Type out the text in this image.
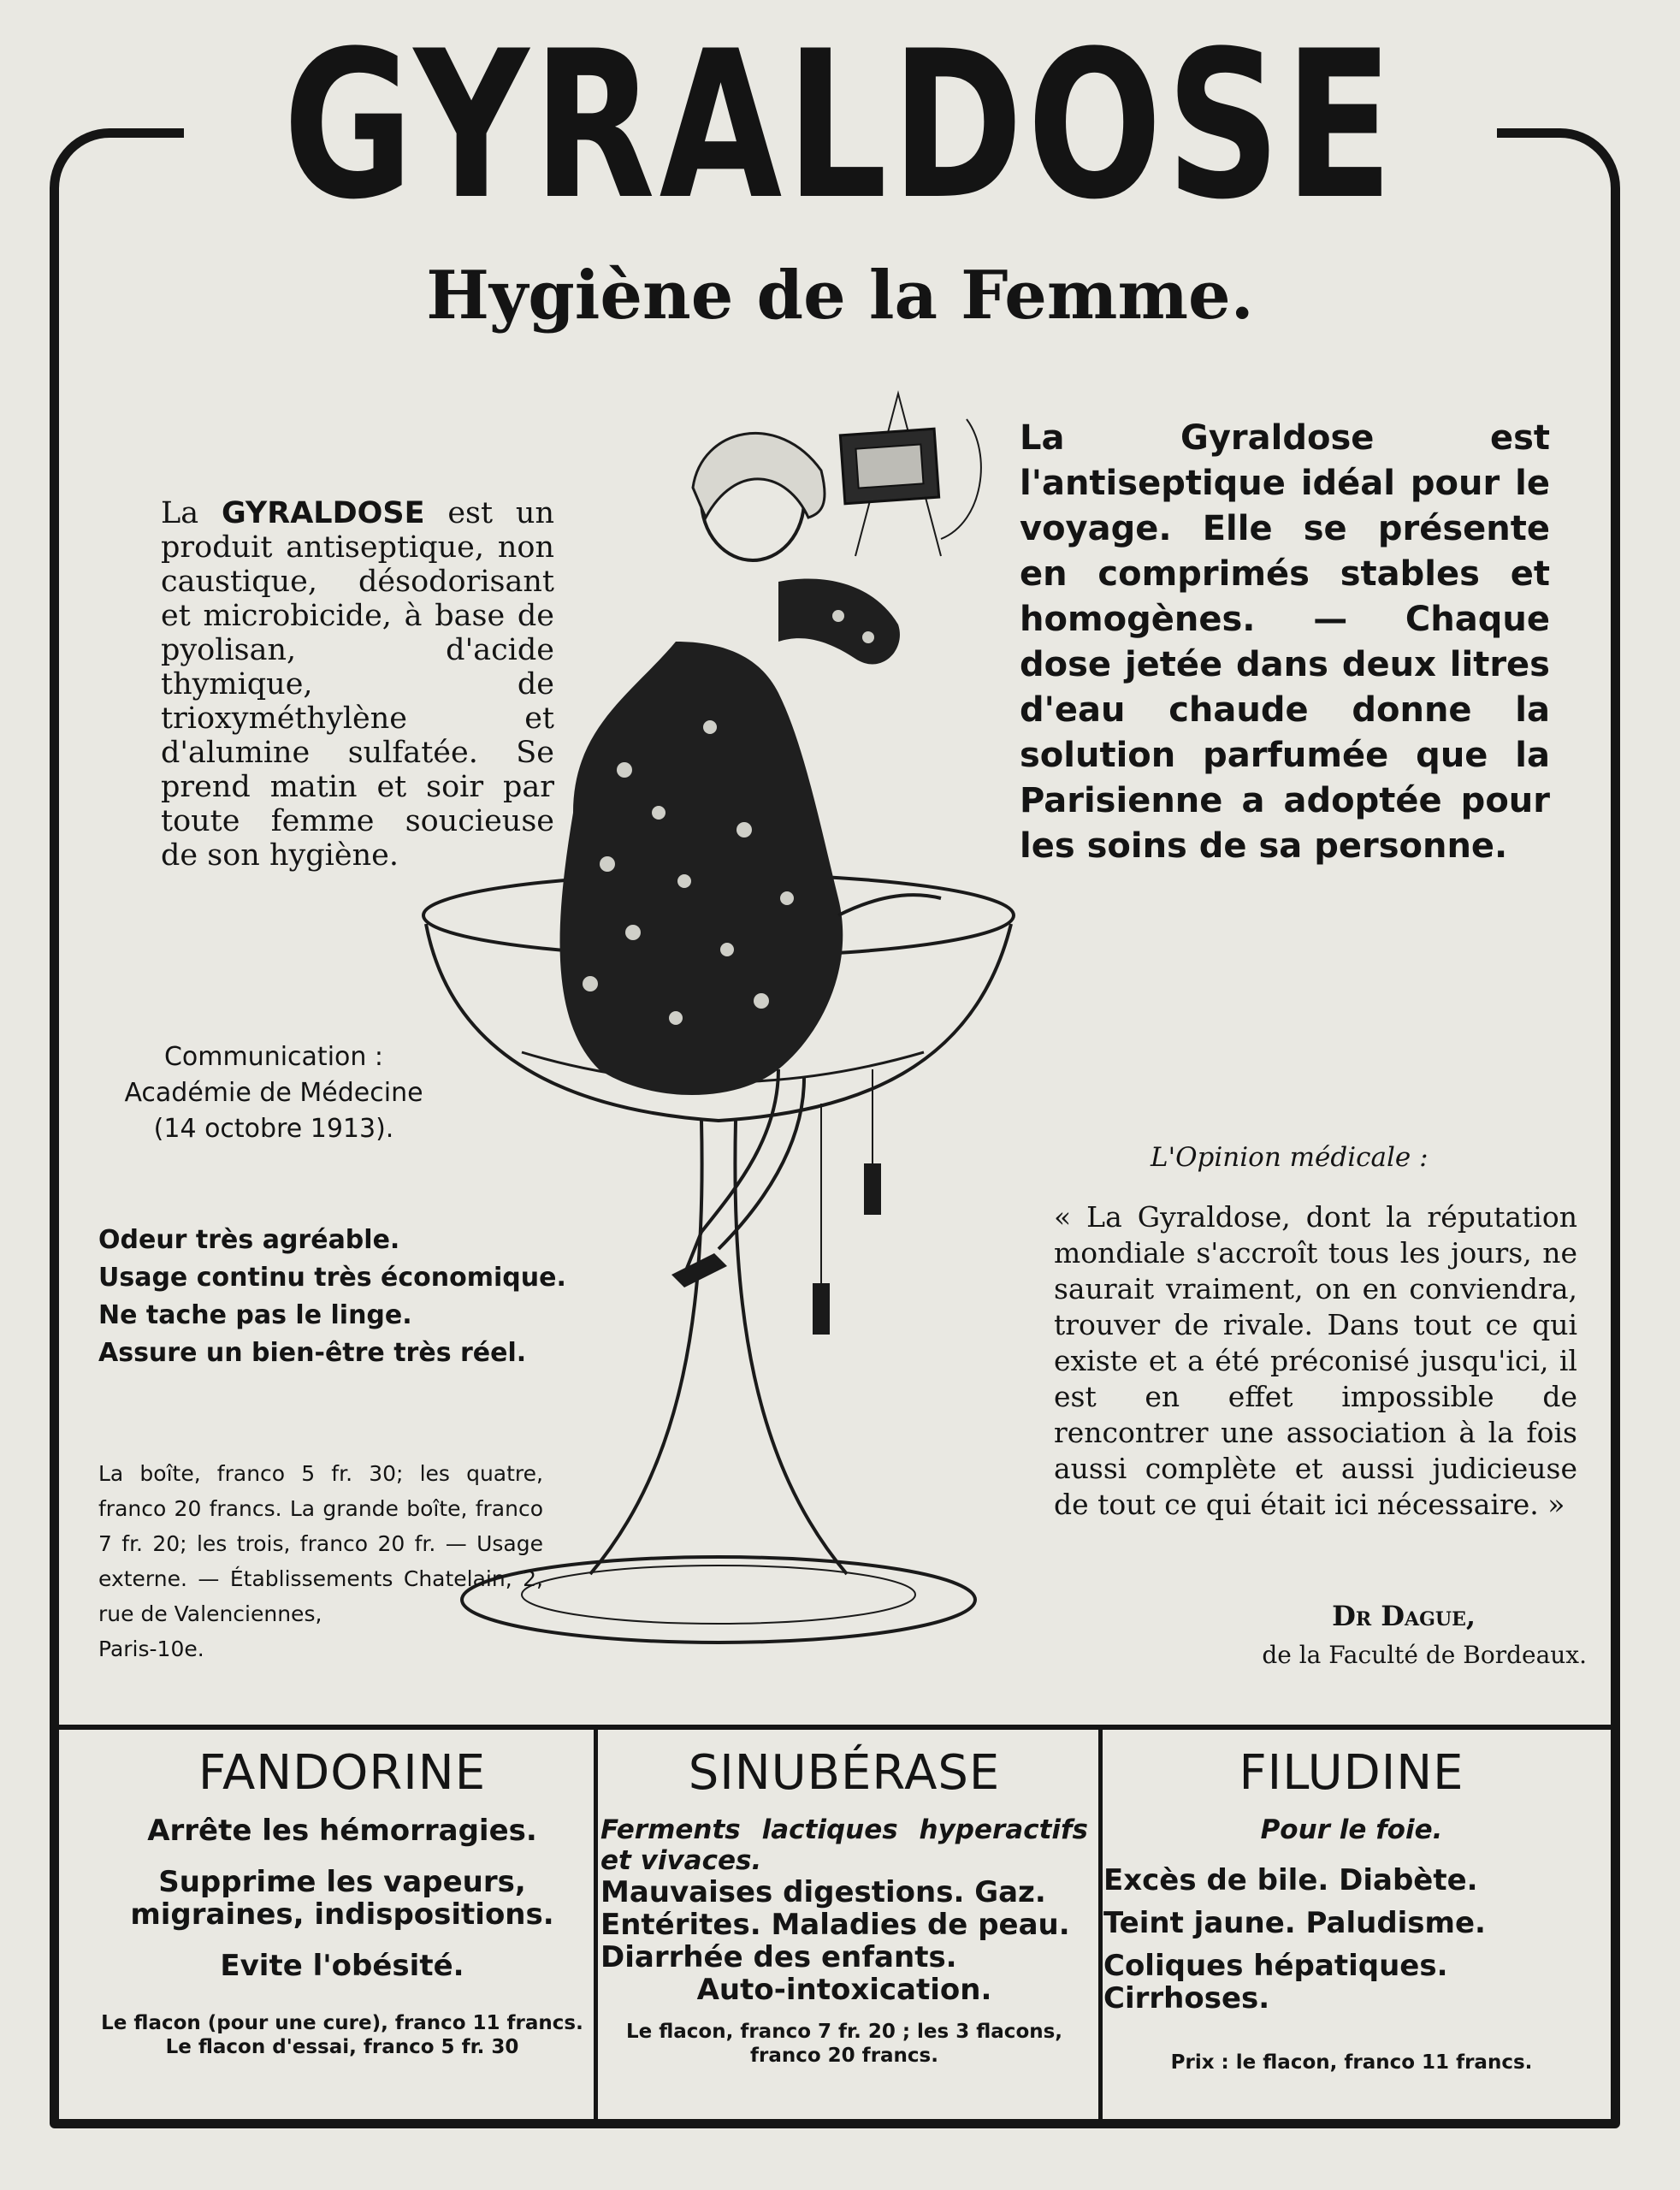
GYRALDOSE
Hygiène de la Femme.
La GYRALDOSE est un produit antiseptique, non caustique, désodorisant et microbicide, à base de pyolisan, d'acide thymique, de trioxyméthylène et d'alumine sulfatée. Se prend matin et soir par toute femme soucieuse de son hygiène.
La Gyraldose est l'antiseptique idéal pour le voyage. Elle se présente en comprimés stables et homogènes. — Chaque dose jetée dans deux litres d'eau chaude donne la solution parfumée que la Parisienne a adoptée pour les soins de sa personne.
Communication :
Académie de Médecine
(14 octobre 1913).
Odeur très agréable.
Usage continu très économique.
Ne tache pas le linge.
Assure un bien-être très réel.
La boîte, franco 5 fr. 30; les quatre, franco 20 francs. La grande boîte, franco 7 fr. 20; les trois, franco 20 fr. — Usage externe. — Établissements Chatelain, 2, rue de Valenciennes,
Paris-10e.
L'Opinion médicale :
« La Gyraldose, dont la réputation mondiale s'accroît tous les jours, ne saurait vraiment, on en conviendra, trouver de rivale. Dans tout ce qui existe et a été préconisé jusqu'ici, il est en effet impossible de rencontrer une association à la fois aussi complète et aussi judicieuse de tout ce qui était ici nécessaire. »
Dr Dague,
de la Faculté de Bordeaux.
FANDORINE

Arrête les hémorragies.

Supprime les vapeurs, migraines, indispositions.

Evite l'obésité.

Le flacon (pour une cure), franco 11 francs.

Le flacon d'essai, franco 5 fr. 30

SINUBÉRASE

Ferments lactiques hyperactifs et vivaces.

Mauvaises digestions. Gaz. Entérites. Maladies de peau. Diarrhée des enfants.

Auto-intoxication.

Le flacon, franco 7 fr. 20 ; les 3 flacons, franco 20 francs.

FILUDINE

Pour le foie.

Excès de bile. Diabète.

Teint jaune. Paludisme.

Coliques hépatiques.

Cirrhoses.

Prix : le flacon, franco 11 francs.
